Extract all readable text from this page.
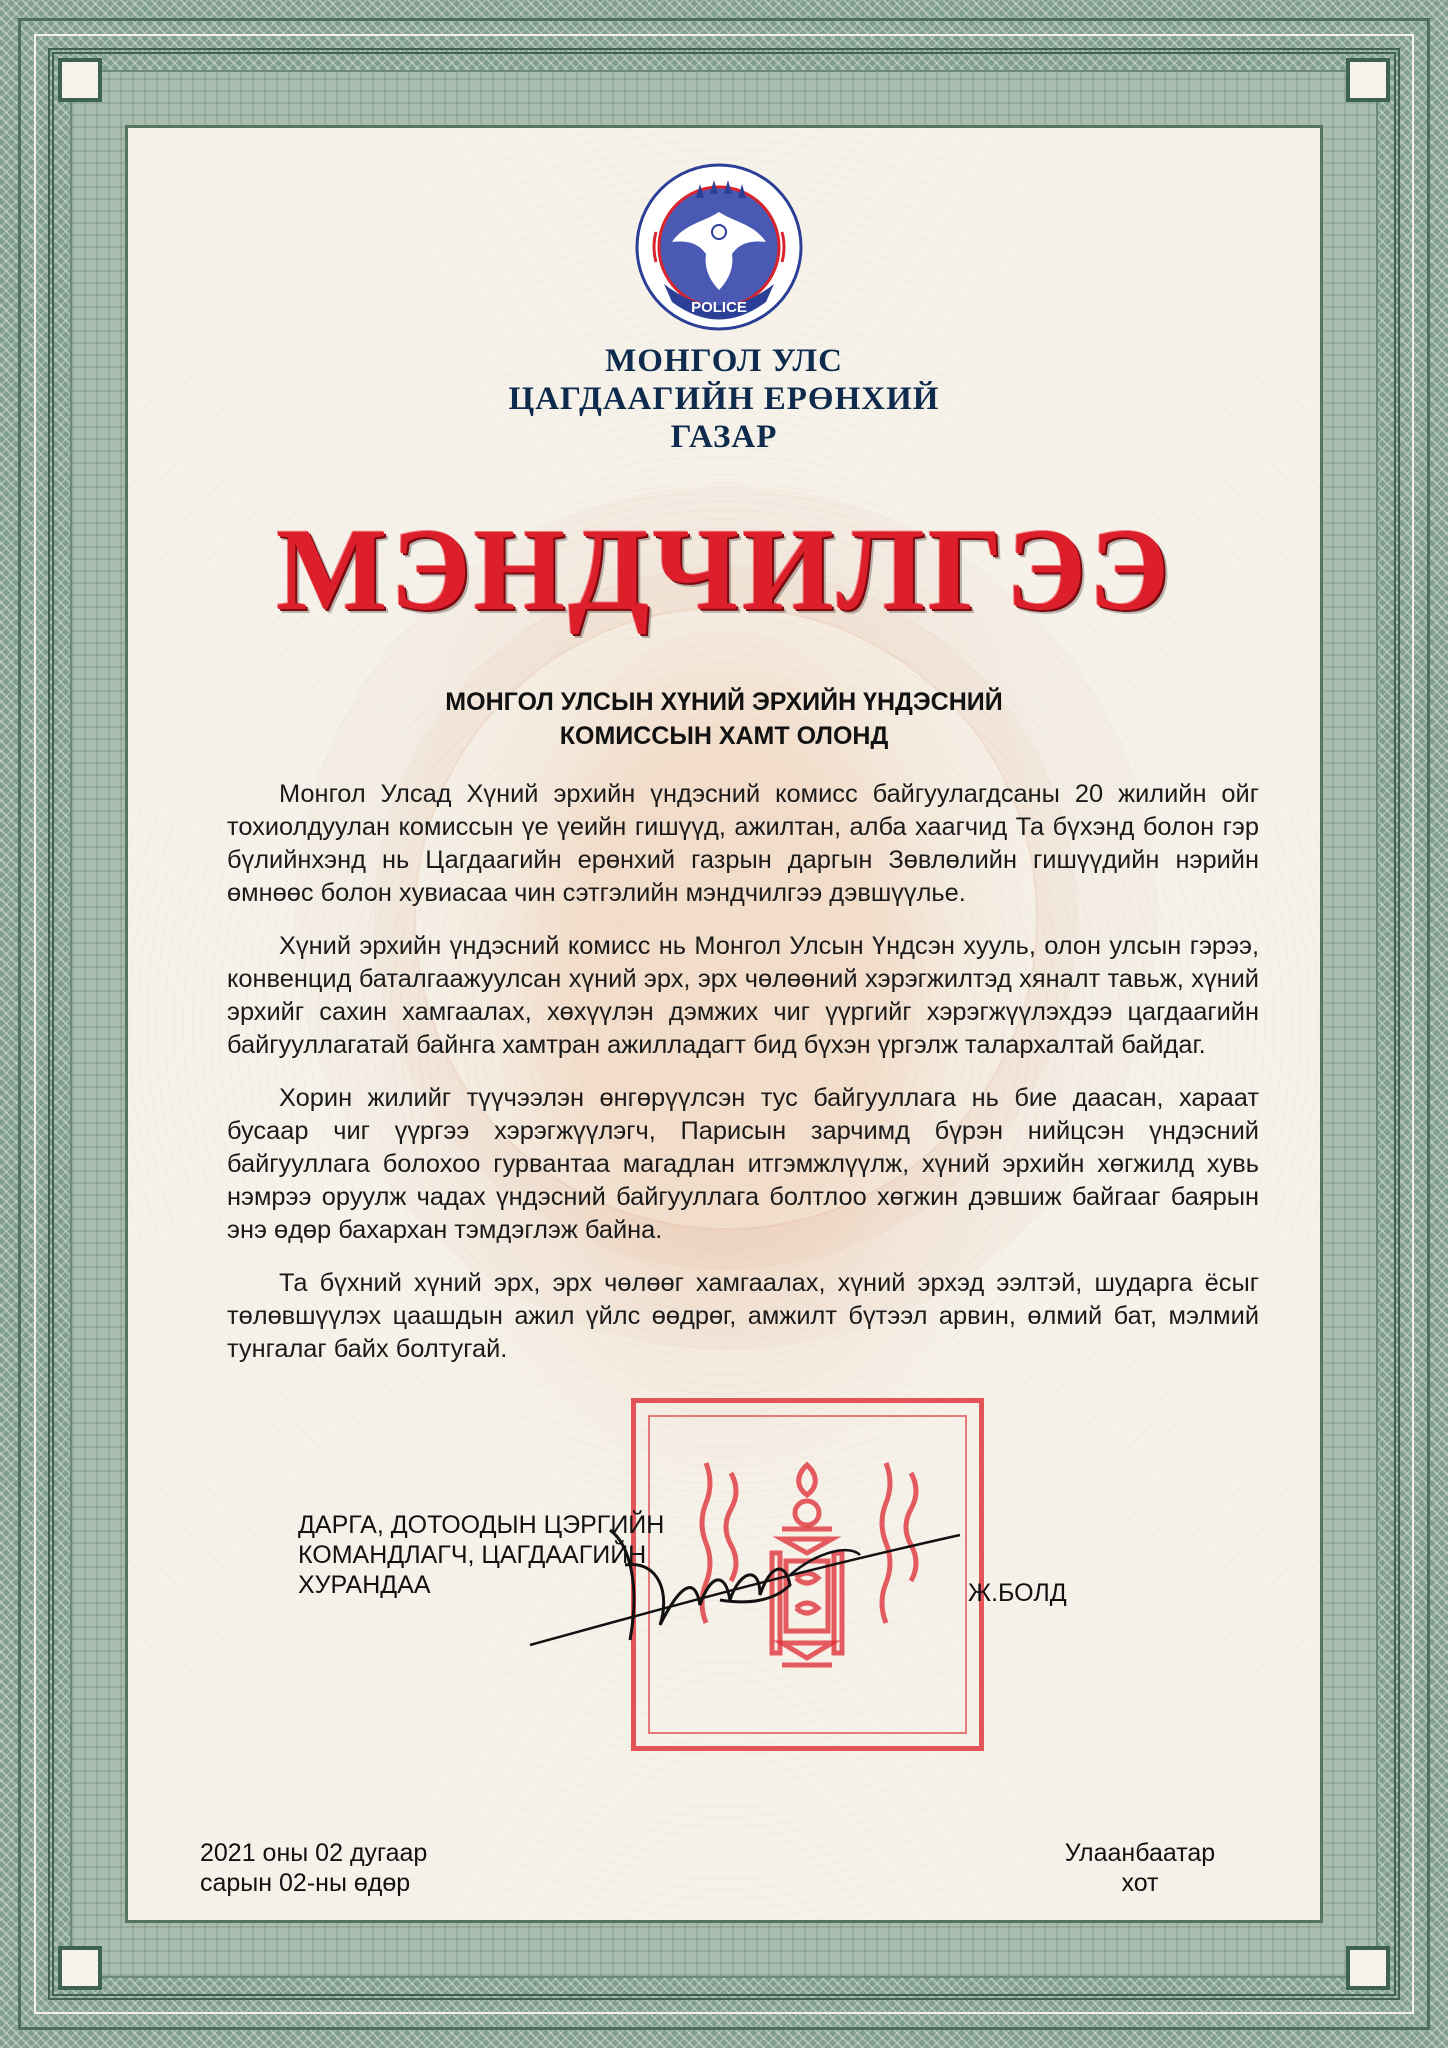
POLICE
МОНГОЛ УЛС
ЦАГДААГИЙН ЕРӨНХИЙ
ГАЗАР
МЭНДЧИЛГЭЭ
МОНГОЛ УЛСЫН ХҮНИЙ ЭРХИЙН ҮНДЭСНИЙ
КОМИССЫН ХАМТ ОЛОНД

Монгол Улсад Хүний эрхийн үндэсний комисс байгуулагдсаны 20 жилийн ойг тохиолдуулан комиссын үе үеийн гишүүд, ажилтан, алба хаагчид Та бүхэнд болон гэр бүлийнхэнд нь Цагдаагийн ерөнхий газрын даргын Зөвлөлийн гишүүдийн нэрийн өмнөөс болон хувиасаа чин сэтгэлийн мэндчилгээ дэвшүүлье.

Хүний эрхийн үндэсний комисс нь Монгол Улсын Үндсэн хууль, олон улсын гэрээ, конвенцид баталгаажуулсан хүний эрх, эрх чөлөөний хэрэгжилтэд хяналт тавьж, хүний эрхийг сахин хамгаалах, хөхүүлэн дэмжих чиг үүргийг хэрэгжүүлэхдээ цагдаагийн байгууллагатай байнга хамтран ажилладагт бид бүхэн үргэлж талархалтай байдаг.

Хорин жилийг түүчээлэн өнгөрүүлсэн тус байгууллага нь бие даасан, хараат бусаар чиг үүргээ хэрэгжүүлэгч, Парисын зарчимд бүрэн нийцсэн үндэсний байгууллага болохоо гурвантаа магадлан итгэмжлүүлж, хүний эрхийн хөгжилд хувь нэмрээ оруулж чадах үндэсний байгууллага болтлоо хөгжин дэвшиж байгааг баярын энэ өдөр бахархан тэмдэглэж байна.

Та бүхний хүний эрх, эрх чөлөөг хамгаалах, хүний эрхэд ээлтэй, шударга ёсыг төлөвшүүлэх цаашдын ажил үйлс өөдрөг, амжилт бүтээл арвин, өлмий бат, мэлмий тунгалаг байх болтугай.

ДАРГА, ДОТООДЫН ЦЭРГИЙН
КОМАНДЛАГЧ, ЦАГДААГИЙН
ХУРАНДАА	Ж.БОЛД
2021 оны 02 дугаар
сарын 02-ны өдөр
Улаанбаатар
хот
